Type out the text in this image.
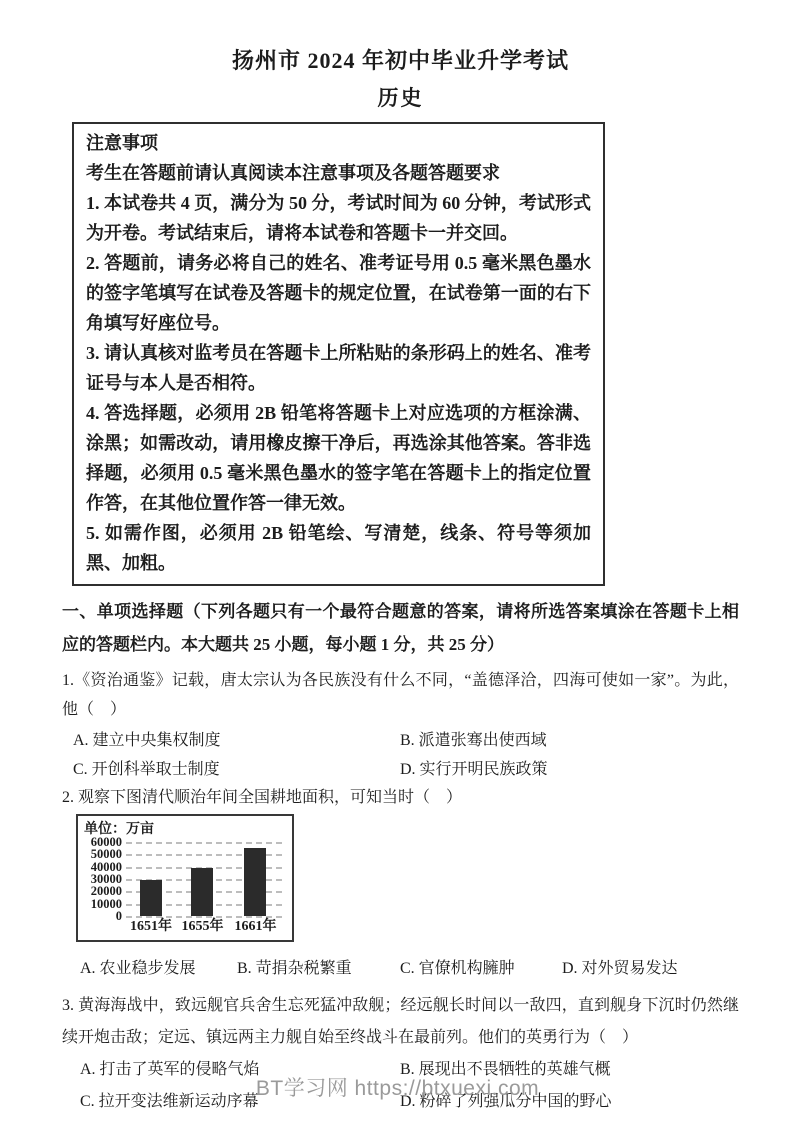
扬州市 2024 年初中毕业升学考试
历史

注意事项

考生在答题前请认真阅读本注意事项及各题答题要求

1. 本试卷共 4 页，满分为 50 分，考试时间为 60 分钟，考试形式为开卷。考试结束后，请将本试卷和答题卡一并交回。

2. 答题前，请务必将自己的姓名、准考证号用 0.5 毫米黑色墨水的签字笔填写在试卷及答题卡的规定位置，在试卷第一面的右下角填写好座位号。

3. 请认真核对监考员在答题卡上所粘贴的条形码上的姓名、准考证号与本人是否相符。

4. 答选择题，必须用 2B 铅笔将答题卡上对应选项的方框涂满、涂黑；如需改动，请用橡皮擦干净后，再选涂其他答案。答非选择题，必须用 0.5 毫米黑色墨水的签字笔在答题卡上的指定位置作答，在其他位置作答一律无效。

5. 如需作图，必须用 2B 铅笔绘、写清楚，线条、符号等须加黑、加粗。

一、单项选择题（下列各题只有一个最符合题意的答案，请将所选答案填涂在答题卡上相应的答题栏内。本大题共 25 小题，每小题 1 分，共 25 分）

1.《资治通鉴》记载，唐太宗认为各民族没有什么不同，“盖德泽洽，四海可使如一家”。为此，他（　）

A. 建立中央集权制度	B. 派遣张骞出使西域
C. 开创科举取士制度	D. 实行开明民族政策

2. 观察下图清代顺治年间全国耕地面积，可知当时（　）

单位：万亩
0
10000
20000
30000
40000
50000
60000
1651年 1655年 1661年
A. 农业稳步发展	B. 苛捐杂税繁重	C. 官僚机构臃肿	D. 对外贸易发达

3. 黄海海战中，致远舰官兵舍生忘死猛冲敌舰；经远舰长时间以一敌四，直到舰身下沉时仍然继续开炮击敌；定远、镇远两主力舰自始至终战斗在最前列。他们的英勇行为（　）

A. 打击了英军的侵略气焰	B. 展现出不畏牺牲的英雄气概
C. 拉开变法维新运动序幕	D. 粉碎了列强瓜分中国的野心
BT学习网 https://btxuexi.com
